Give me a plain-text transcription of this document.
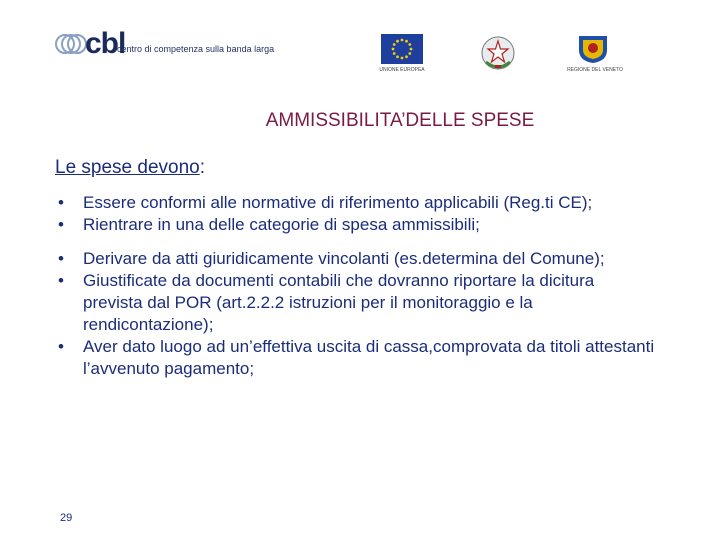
cbl
centro di competenza sulla banda larga
UNIONE EUROPEA	REGIONE DEL VENETO
AMMISSIBILITA’DELLE SPESE
Le spese devono:
• Essere conformi alle normative di riferimento applicabili (Reg.ti CE);
• Rientrare in una delle categorie di spesa ammissibili;
• Derivare da atti giuridicamente vincolanti (es.determina del Comune);
• Giustificate da documenti contabili che dovranno riportare la dicitura prevista dal POR (art.2.2.2 istruzioni per il monitoraggio e la rendicontazione);
• Aver dato luogo ad un’effettiva uscita di cassa,comprovata da titoli attestanti l’avvenuto pagamento;
29
